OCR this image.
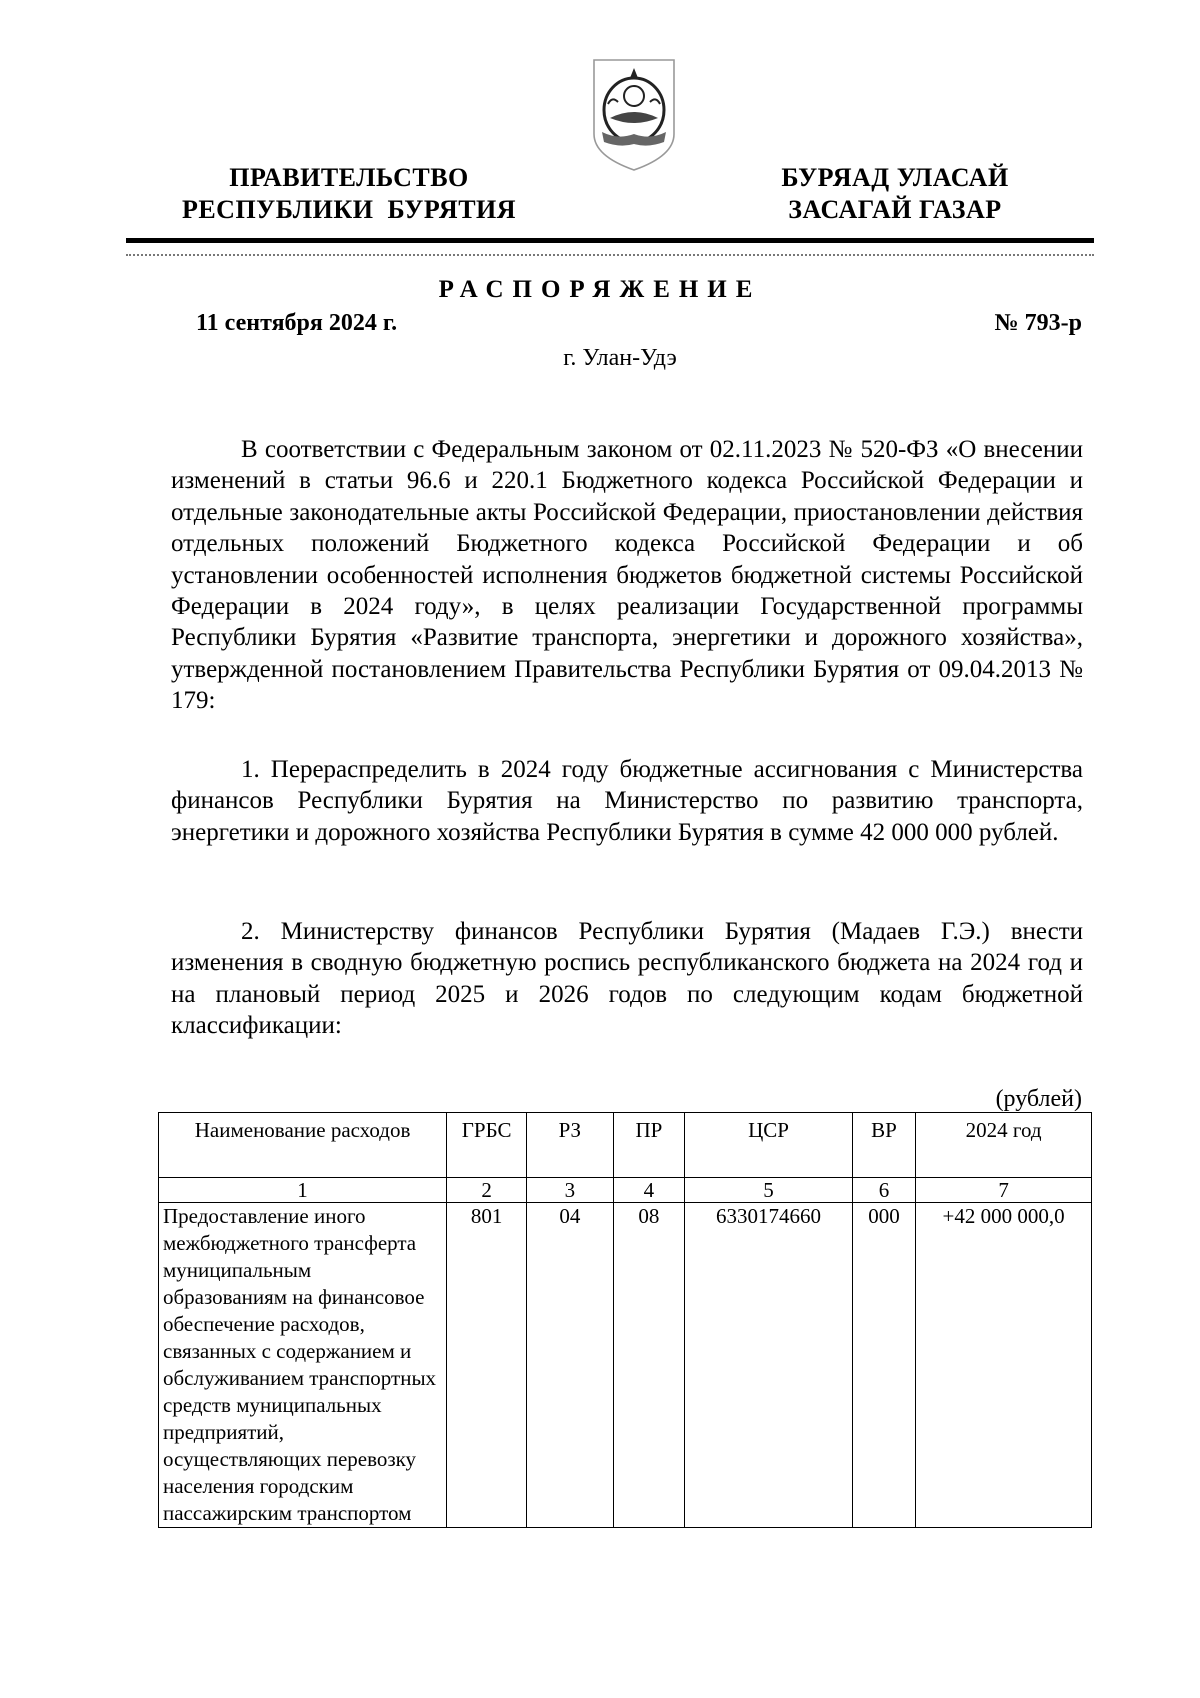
ПРАВИТЕЛЬСТВО
РЕСПУБЛИКИ  БУРЯТИЯ
БУРЯАД УЛАСАЙ
ЗАСАГАЙ ГАЗАР
РАСПОРЯЖЕНИЕ
11 сентября 2024 г.	№ 793-р
г. Улан-Удэ
В соответствии с Федеральным законом от 02.11.2023 № 520-ФЗ «О внесении изменений в статьи 96.6 и 220.1 Бюджетного кодекса Российской Федерации и отдельные законодательные акты Российской Федерации, приостановлении действия отдельных положений Бюджетного кодекса Российской Федерации и об установлении особенностей исполнения бюджетов бюджетной системы Российской Федерации в 2024 году», в целях реализации Государственной программы Республики Бурятия «Развитие транспорта, энергетики и дорожного хозяйства», утвержденной постановлением Правительства Республики Бурятия от 09.04.2013 № 179:
1. Перераспределить в 2024 году бюджетные ассигнования с Министерства финансов Республики Бурятия на Министерство по развитию транспорта, энергетики и дорожного хозяйства Республики Бурятия в сумме 42 000 000 рублей.
2. Министерству финансов Республики Бурятия (Мадаев Г.Э.) внести изменения в сводную бюджетную роспись республиканского бюджета на 2024 год и на плановый период 2025 и 2026 годов по следующим кодам бюджетной классификации:
(рублей)
Наименование расходов	ГРБС	РЗ	ПР	ЦСР	ВР	2024 год
1	2	3	4	5	6	7
Предоставление иного межбюджетного трансферта муниципальным образованиям на финансовое обеспечение расходов, связанных с содержанием и обслуживанием транспортных средств муниципальных предприятий, осуществляющих перевозку населения городским пассажирским транспортом	801	04	08	6330174660	000	+42 000 000,0
